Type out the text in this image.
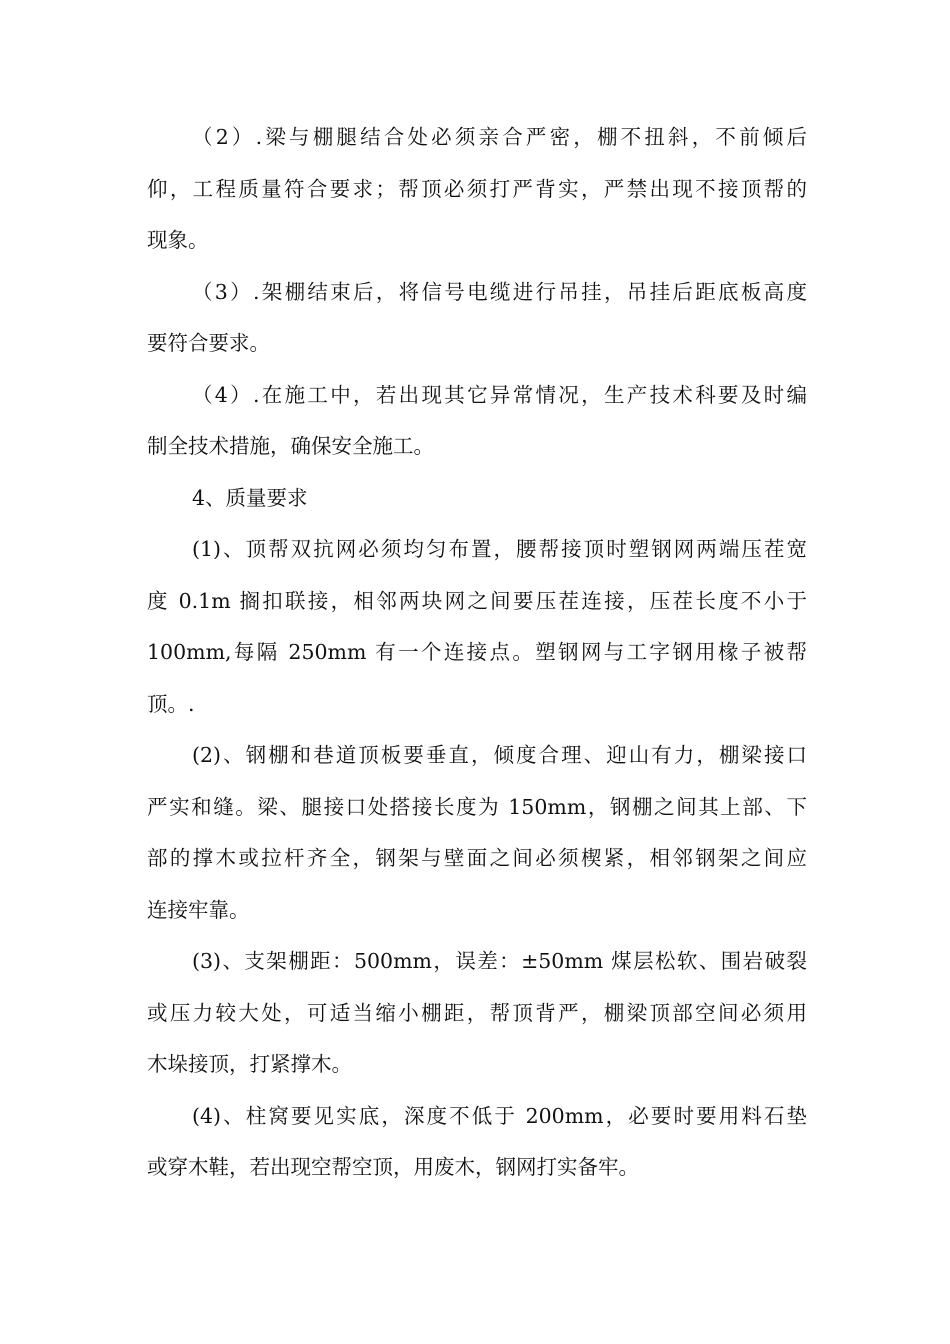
（2）.梁与棚腿结合处必须亲合严密，棚不扭斜，不前倾后
仰，工程质量符合要求；帮顶必须打严背实，严禁出现不接顶帮的
现象。
（3）.架棚结束后，将信号电缆进行吊挂，吊挂后距底板高度
要符合要求。
（4）.在施工中，若出现其它异常情况，生产技术科要及时编
制全技术措施，确保安全施工。
4、质量要求
(1)、顶帮双抗网必须均匀布置，腰帮接顶时塑钢网两端压茬宽
度 0.1m 搁扣联接，相邻两块网之间要压茬连接，压茬长度不小于
100mm,每隔 250mm 有一个连接点。塑钢网与工字钢用椽子被帮
顶。.
(2)、钢棚和巷道顶板要垂直，倾度合理、迎山有力，棚梁接口
严实和缝。梁、腿接口处搭接长度为 150mm，钢棚之间其上部、下
部的撑木或拉杆齐全，钢架与壁面之间必须楔紧，相邻钢架之间应
连接牢靠。
(3)、支架棚距：500mm，误差：±50mm 煤层松软、围岩破裂
或压力较大处，可适当缩小棚距，帮顶背严，棚梁顶部空间必须用
木垛接顶，打紧撑木。
(4)、柱窝要见实底，深度不低于 200mm，必要时要用料石垫
或穿木鞋，若出现空帮空顶，用废木，钢网打实备牢。
